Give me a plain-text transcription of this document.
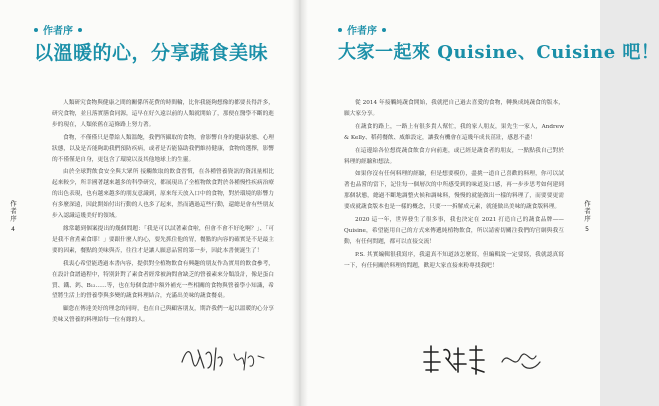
作者序
以溫暖的心，分享蔬食美味

人類研究食物與健康之間的關係所花費的時間輪，比你我能夠想像的都要長得許多，研究食物，並且落實膳食同源，這早在好久遠以前的人類就開始了，那便在醫學不斷的進步的現在，人類依舊在這條路上努力著。

食物，不僅僅只是帶給人類溫飽，我們所攝取的食物，會影響自身的健康狀態、心理狀態，以及是否能夠助我們預防疾病，或者是否能協助我們維持健康，食物的選擇，影響的不僅僅是自身，更包含了環境以及其他地球上的生靈。

由於全球對飲食安全與大眾所 接觸飲取的飲食習慣，在各種營養資訊的資訊量相比起來較少，所幸國著越來越多的科學研究，都展現出了全植物飲食對於各種慢性疾病治療的出色表現，也有越來越多的朋友意識到，原來每天放入口中的食物，對於環境的影響力有多麼深遠，因此開始付出行動的人也多了起來，然而邁過這些行動，還總是會有些朋友步入認識這幾美好的領域。

緣常聽到個案提出的幾個問題：「我是可以試著素食啦，但會不會不好吃啊？」、「可是我不會煮素食耶！」要跟什麼人的心，要先抓住他的胃，餐點的內容的確實是不是最主要的因素，餐點的美味與否，往往才是讓人願意品嘗的第一步，因此本書便誕生了！

我衷心希望能透過本書內容，提供對全植物飲食有興趣的朋友作為實用的飲食參考，在設計食譜過程中，特別針對了素食者經常被詢問會缺乏的營養素來分類設計，像是蛋白質、鐵、鈣、B₁₂……等，也在每個食譜中額外補充一些相關的食物與營養學小知識，希望將生活上的營養學與多變的蔬食料理結合，充滿出美味的蔬食餐桌。

顧您在傳達美好的理念的同時，也在自己與顧客朋友，期許我們一起以溫暖的心分享美味又營養的料理給每一位有緣的人。

作者序
4
作者序
大家一起來 Quisine、Cuisine 吧！

從 2014 年接觸純蔬食開始，我就把自己過去喜愛的食物，轉換成純蔬食的版本，願大家分享。

在蔬食的路上，一路上有很多貴人幫忙，我的家人朋友，果先生一家人，Andrew & Kelly、稻荷餐飲、威維設定，讓我有機會在這幾年成長茁壯，感恩不盡！

在這邊給各位想從蔬食飲食方向前進，或已經是蔬食者的朋友，一點點我自己對於料理的經驗和想法。

如果你沒有任何料理的經驗，但是想要模仿，盡挑一道自己喜歡的料理，你可以試著也品嘗的當下，記住每一個層次的中所感受到的味道及口感，再一步步思考如何建到那個狀態，總過不斷地調整火候和調味料，慢慢的就能做出一樣的料理了，而要要更需要成就蔬食版本也是一樣的概念，只要一一拆解成元素，就能做出美味的蔬食版料理。

2020 這一年，世界發生了很多事，我也決定在 2021 打造自己的蔬食品牌——Quisine，希望能用自己的方式來傳遞純植物飲食，所以請密切關注我們的官網與我互動，有任何問題，都可以直接交流！

P.S. 其實編輯很我寫序，我還真不知道該怎麼寫，但編輯說一定要寫，我就認真寫一下，有任何關於料理的問題，歡迎大家直接來粉專找我吧！

作者序
5
